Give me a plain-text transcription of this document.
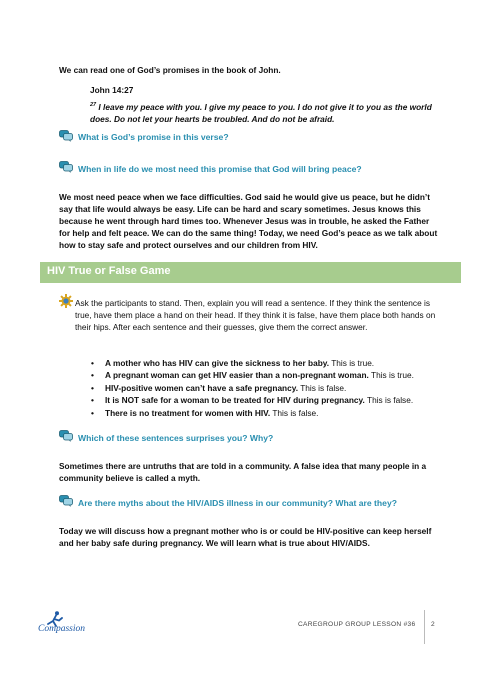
We can read one of God’s promises in the book of John.
John 14:27
$^{27}$ I leave my peace with you. I give my peace to you. I do not give it to you as the world does. Do not let your hearts be troubled. And do not be afraid.
What is God’s promise in this verse?
When in life do we most need this promise that God will bring peace?
We most need peace when we face difficulties. God said he would give us peace, but he didn’t say that life would always be easy. Life can be hard and scary sometimes. Jesus knows this because he went through hard times too. Whenever Jesus was in trouble, he asked the Father for help and felt peace. We can do the same thing! Today, we need God’s peace as we talk about how to stay safe and protect ourselves and our children from HIV.
HIV True or False Game
Ask the participants to stand. Then, explain you will read a sentence. If they think the sentence is true, have them place a hand on their head. If they think it is false, have them place both hands on their hips. After each sentence and their guesses, give them the correct answer.
• A mother who has HIV can give the sickness to her baby. This is true.
• A pregnant woman can get HIV easier than a non-pregnant woman. This is true.
• HIV-positive women can’t have a safe pregnancy. This is false.
• It is NOT safe for a woman to be treated for HIV during pregnancy. This is false.
• There is no treatment for women with HIV. This is false.
Which of these sentences surprises you? Why?
Sometimes there are untruths that are told in a community. A false idea that many people in a community believe is called a myth.
Are there myths about the HIV/AIDS illness in our community? What are they?
Today we will discuss how a pregnant mother who is or could be HIV-positive can keep herself and her baby safe during pregnancy. We will learn what is true about HIV/AIDS.
Compassion	CAREGROUP GROUP LESSON #36 2
